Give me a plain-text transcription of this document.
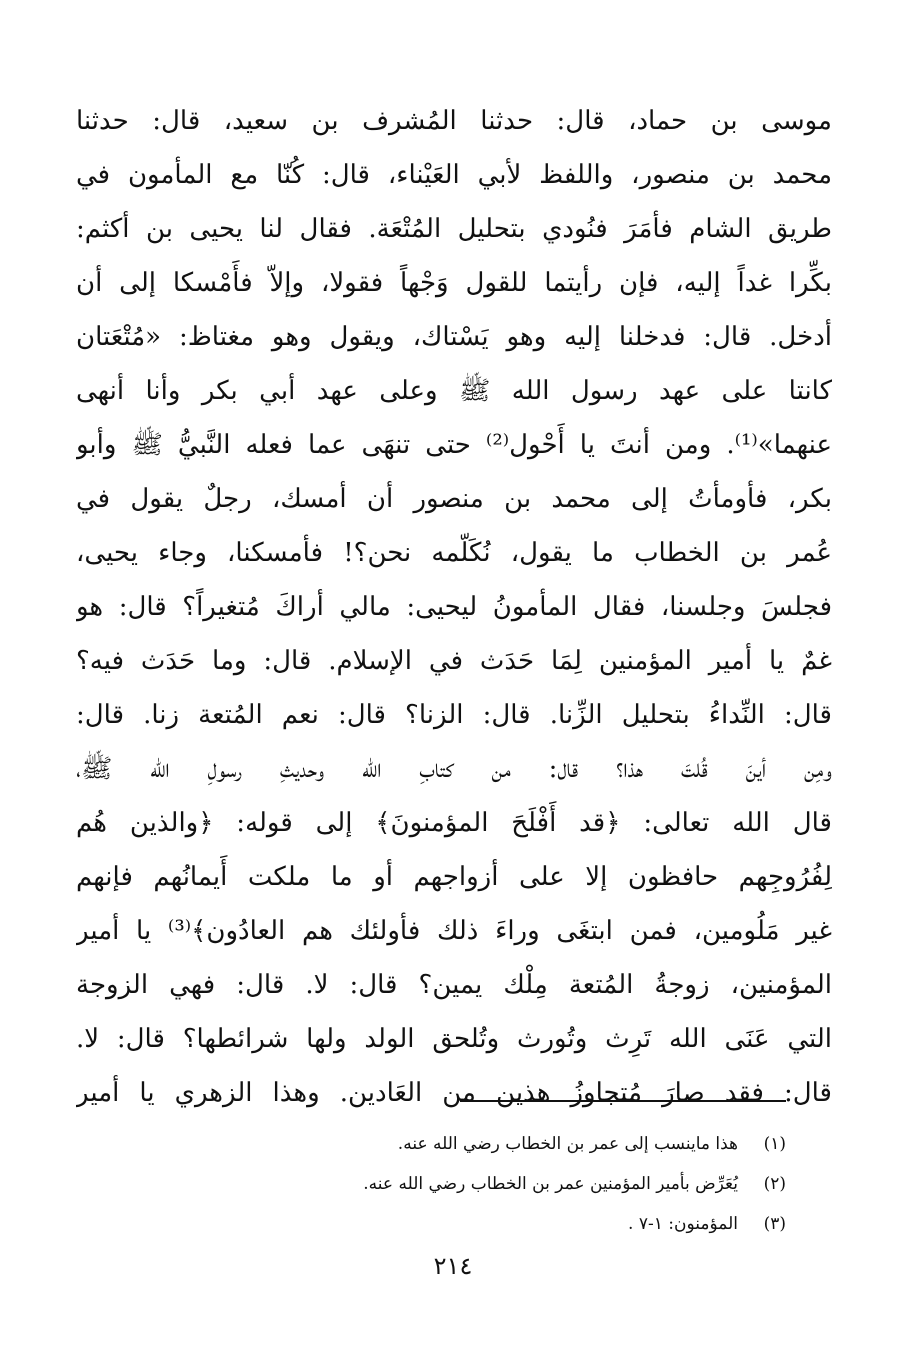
موسى بن حماد، قال: حدثنا المُشرف بن سعيد، قال: حدثنا
محمد بن منصور، واللفظ لأبي العَيْناء، قال: كُنّا مع المأمون في
طريق الشام فأمَرَ فنُودي بتحليل المُتْعَة. فقال لنا يحيى بن أكثم:
بكِّرا غداً إليه، فإن رأيتما للقول وَجْهاً فقولا، وإلاّ فأَمْسكا إلى أن
أدخل. قال: فدخلنا إليه وهو يَسْتاك، ويقول وهو مغتاظ: «مُتْعَتان
كانتا على عهد رسول الله ﷺ وعلى عهد أبي بكر وأنا أنهى
عنهما»⁽¹⁾. ومن أنتَ يا أَحْول⁽²⁾ حتى تنهَى عما فعله النَّبيُّ ﷺ وأبو
بكر، فأومأتُ إلى محمد بن منصور أن أمسك، رجلٌ يقول في
عُمر بن الخطاب ما يقول، نُكَلّمه نحن؟! فأمسكنا، وجاء يحيى،
فجلسَ وجلسنا، فقال المأمونُ ليحيى: مالي أراكَ مُتغيراً؟ قال: هو
غمٌ يا أمير المؤمنين لِمَا حَدَث في الإسلام. قال: وما حَدَث فيه؟
قال: النِّداءُ بتحليل الزِّنا. قال: الزنا؟ قال: نعم المُتعة زنا. قال:
ومِن أينَ قُلتَ هذا؟ قال: من كتابِ الله وحديثِ رسولِ الله ﷺ،
قال الله تعالى: ﴿قد أَفْلَحَ المؤمنونَ﴾ إلى قوله: ﴿والذين هُم
لِفُرُوجِهم حافظون إلا على أزواجهم أو ما ملكت أَيمانُهم فإنهم
غير مَلُومين، فمن ابتغَى وراءَ ذلك فأولئك هم العادُون﴾⁽³⁾ يا أمير
المؤمنين، زوجةُ المُتعة مِلْك يمين؟ قال: لا. قال: فهي الزوجة
التي عَنَى الله تَرِث وتُورث وتُلحق الولد ولها شرائطها؟ قال: لا.
قال: فقد صارَ مُتجاوزُ هذين من العَادين. وهذا الزهري يا أمير
(١)هذا ماينسب إلى عمر بن الخطاب رضي الله عنه.
(٢)يُعَرِّض بأمير المؤمنين عمر بن الخطاب رضي الله عنه.
(٣)المؤمنون: ١-٧ .
٢١٤
